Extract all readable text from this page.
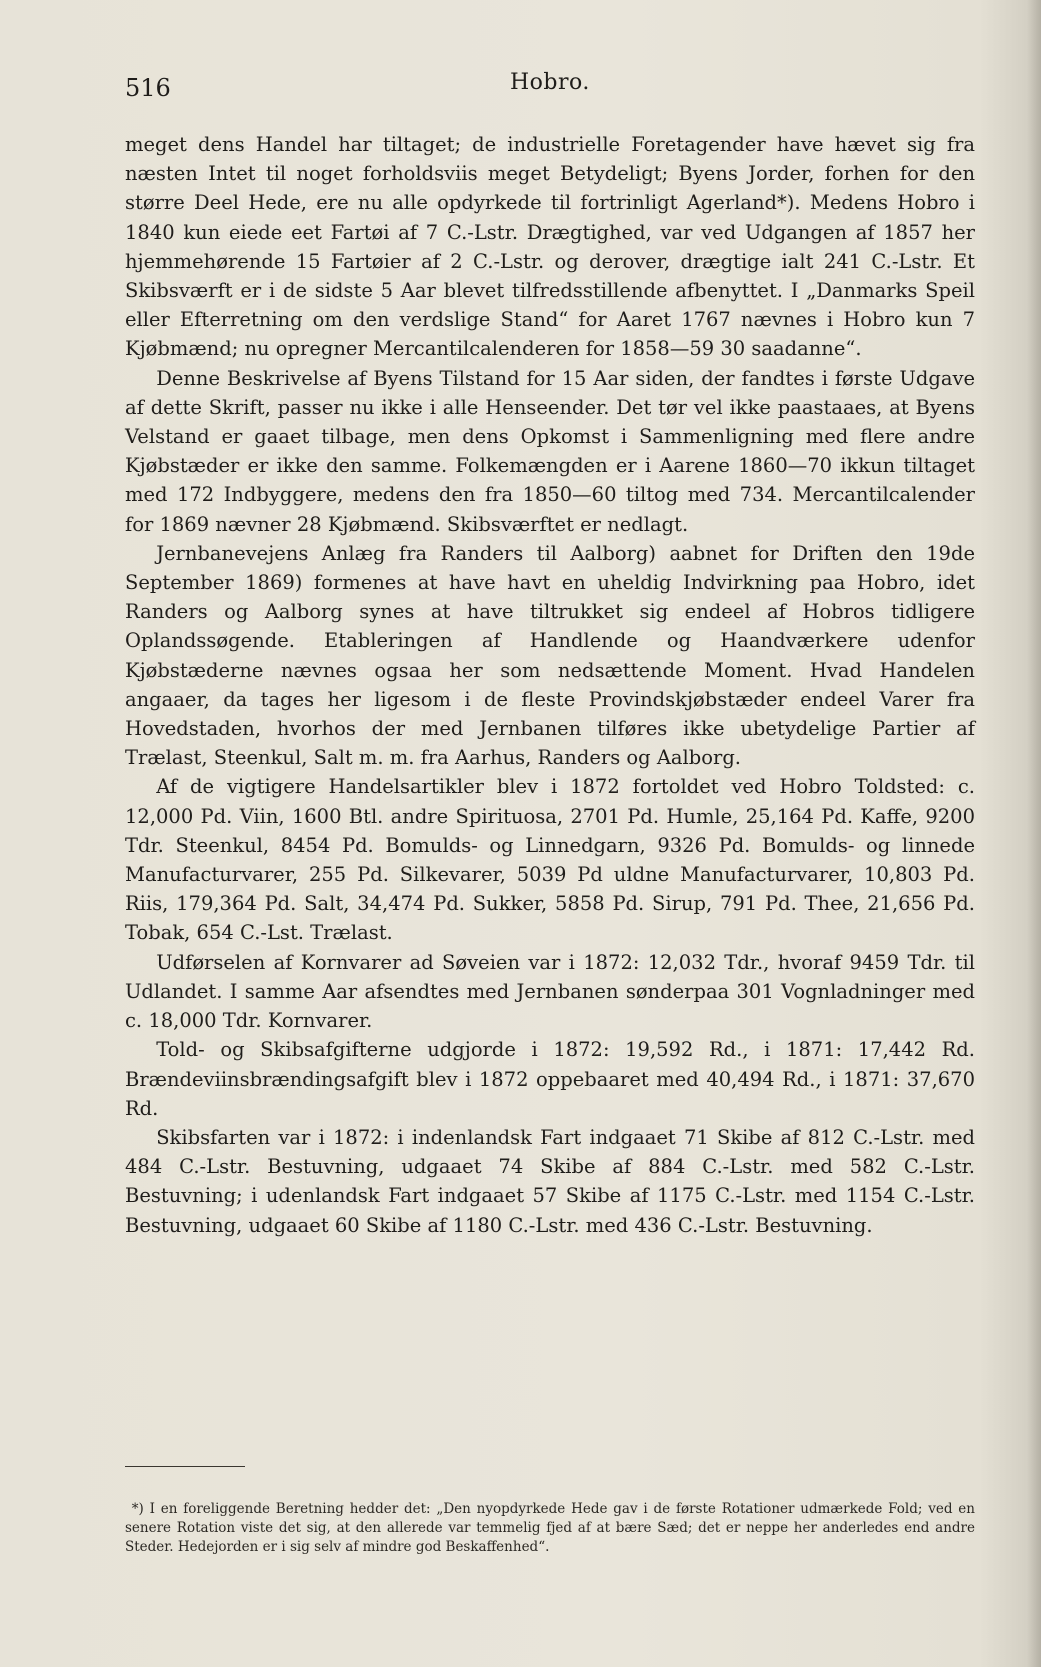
516	Hobro.

meget dens Handel har tiltaget; de industrielle Foretagender have hævet sig fra næsten Intet til noget forholdsviis meget Betydeligt; Byens Jorder, forhen for den større Deel Hede, ere nu alle opdyrkede til fortrinligt Agerland*). Medens Hobro i 1840 kun eiede eet Fartøi af 7 C.-Lstr. Drægtighed, var ved Udgangen af 1857 her hjemmehørende 15 Fartøier af 2 C.-Lstr. og derover, drægtige ialt 241 C.-Lstr. Et Skibsværft er i de sidste 5 Aar blevet tilfredsstillende afbenyttet. I „Danmarks Speil eller Efterretning om den verdslige Stand“ for Aaret 1767 nævnes i Hobro kun 7 Kjøbmænd; nu opregner Mercantilcalenderen for 1858—59 30 saadanne“.

Denne Beskrivelse af Byens Tilstand for 15 Aar siden, der fandtes i første Udgave af dette Skrift, passer nu ikke i alle Henseender. Det tør vel ikke paastaaes, at Byens Velstand er gaaet tilbage, men dens Opkomst i Sammenligning med flere andre Kjøbstæder er ikke den samme. Folkemængden er i Aarene 1860—70 ikkun tiltaget med 172 Indbyggere, medens den fra 1850—60 tiltog med 734. Mercantilcalender for 1869 nævner 28 Kjøbmænd. Skibsværftet er nedlagt.

Jernbanevejens Anlæg fra Randers til Aalborg) aabnet for Driften den 19de September 1869) formenes at have havt en uheldig Indvirkning paa Hobro, idet Randers og Aalborg synes at have tiltrukket sig endeel af Hobros tidligere Oplandssøgende. Etableringen af Handlende og Haandværkere udenfor Kjøbstæderne nævnes ogsaa her som nedsættende Moment. Hvad Handelen angaaer, da tages her ligesom i de fleste Provindskjøbstæder endeel Varer fra Hovedstaden, hvorhos der med Jernbanen tilføres ikke ubetydelige Partier af Trælast, Steenkul, Salt m. m. fra Aarhus, Randers og Aalborg.

Af de vigtigere Handelsartikler blev i 1872 fortoldet ved Hobro Toldsted: c. 12,000 Pd. Viin, 1600 Btl. andre Spirituosa, 2701 Pd. Humle, 25,164 Pd. Kaffe, 9200 Tdr. Steenkul, 8454 Pd. Bomulds- og Linnedgarn, 9326 Pd. Bomulds- og linnede Manufacturvarer, 255 Pd. Silkevarer, 5039 Pd uldne Manufacturvarer, 10,803 Pd. Riis, 179,364 Pd. Salt, 34,474 Pd. Sukker, 5858 Pd. Sirup, 791 Pd. Thee, 21,656 Pd. Tobak, 654 C.-Lst. Trælast.

Udførselen af Kornvarer ad Søveien var i 1872: 12,032 Tdr., hvoraf 9459 Tdr. til Udlandet. I samme Aar afsendtes med Jernbanen sønderpaa 301 Vognladninger med c. 18,000 Tdr. Kornvarer.

Told- og Skibsafgifterne udgjorde i 1872: 19,592 Rd., i 1871: 17,442 Rd. Brændeviinsbrændingsafgift blev i 1872 oppebaaret med 40,494 Rd., i 1871: 37,670 Rd.

Skibsfarten var i 1872: i indenlandsk Fart indgaaet 71 Skibe af 812 C.-Lstr. med 484 C.-Lstr. Bestuvning, udgaaet 74 Skibe af 884 C.-Lstr. med 582 C.-Lstr. Bestuvning; i udenlandsk Fart indgaaet 57 Skibe af 1175 C.-Lstr. med 1154 C.-Lstr. Bestuvning, udgaaet 60 Skibe af 1180 C.-Lstr. med 436 C.-Lstr. Bestuvning.

*) I en foreliggende Beretning hedder det: „Den nyopdyrkede Hede gav i de første Rotationer udmærkede Fold; ved en senere Rotation viste det sig, at den allerede var temmelig fjed af at bære Sæd; det er neppe her anderledes end andre Steder. Hedejorden er i sig selv af mindre god Beskaffenhed“.
